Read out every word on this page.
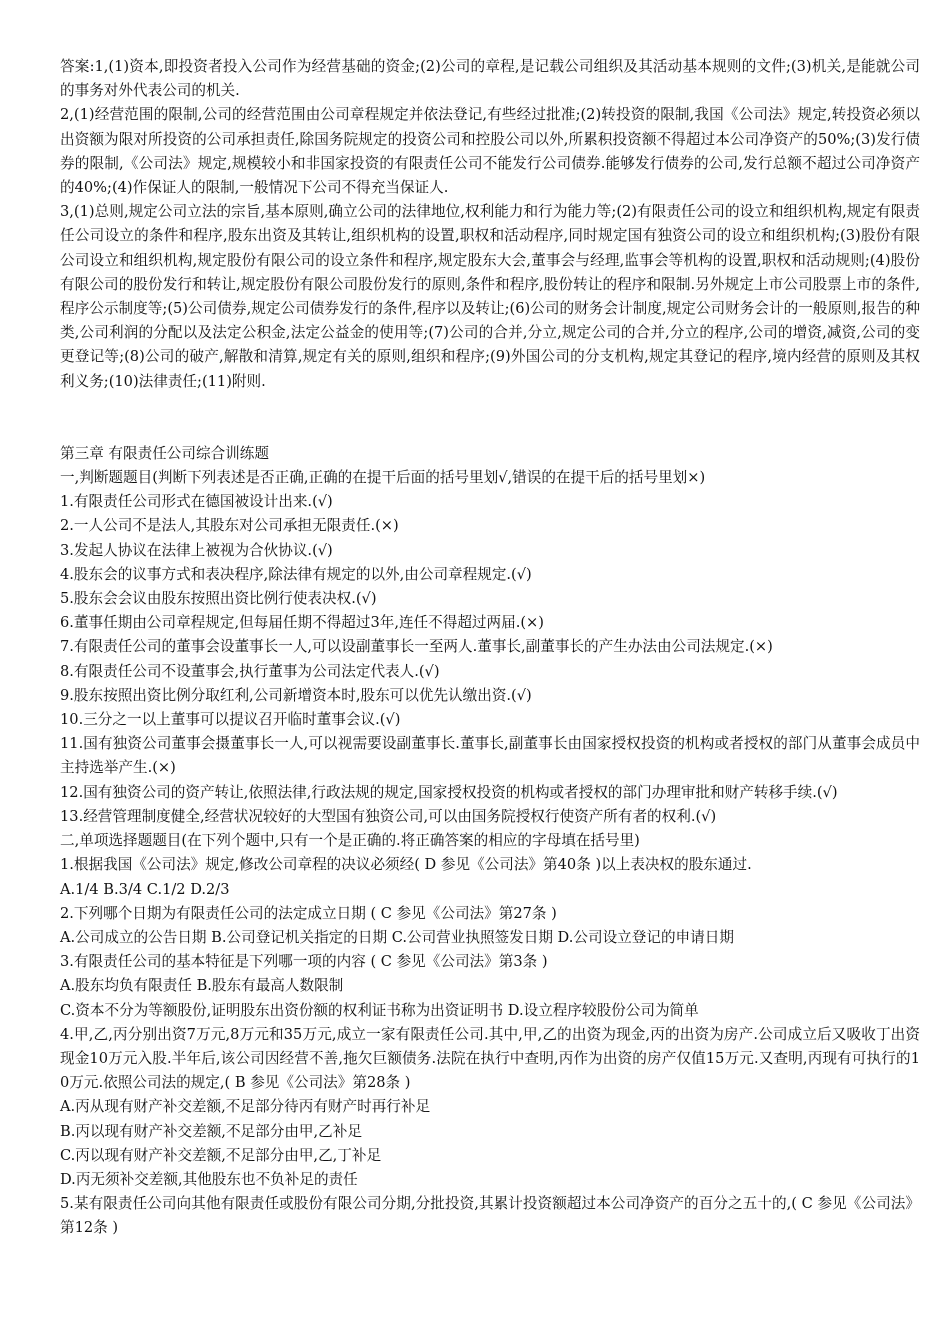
答案:1,(1)资本,即投资者投入公司作为经营基础的资金;(2)公司的章程,是记载公司组织及其活动基本规则的文件;(3)机关,是能就公司的事务对外代表公司的机关.

2,(1)经营范围的限制,公司的经营范围由公司章程规定并依法登记,有些经过批准;(2)转投资的限制,我国《公司法》规定,转投资必须以出资额为限对所投资的公司承担责任,除国务院规定的投资公司和控股公司以外,所累积投资额不得超过本公司净资产的50%;(3)发行债券的限制,《公司法》规定,规模较小和非国家投资的有限责任公司不能发行公司债券.能够发行债券的公司,发行总额不超过公司净资产的40%;(4)作保证人的限制,一般情况下公司不得充当保证人.

3,(1)总则,规定公司立法的宗旨,基本原则,确立公司的法律地位,权利能力和行为能力等;(2)有限责任公司的设立和组织机构,规定有限责任公司设立的条件和程序,股东出资及其转让,组织机构的设置,职权和活动程序,同时规定国有独资公司的设立和组织机构;(3)股份有限公司设立和组织机构,规定股份有限公司的设立条件和程序,规定股东大会,董事会与经理,监事会等机构的设置,职权和活动规则;(4)股份有限公司的股份发行和转让,规定股份有限公司股份发行的原则,条件和程序,股份转让的程序和限制.另外规定上市公司股票上市的条件,程序公示制度等;(5)公司债券,规定公司债券发行的条件,程序以及转让;(6)公司的财务会计制度,规定公司财务会计的一般原则,报告的种类,公司利润的分配以及法定公积金,法定公益金的使用等;(7)公司的合并,分立,规定公司的合并,分立的程序,公司的增资,减资,公司的变更登记等;(8)公司的破产,解散和清算,规定有关的原则,组织和程序;(9)外国公司的分支机构,规定其登记的程序,境内经营的原则及其权利义务;(10)法律责任;(11)附则.

第三章 有限责任公司综合训练题

一,判断题题目(判断下列表述是否正确,正确的在提干后面的括号里划√,错误的在提干后的括号里划×)

1.有限责任公司形式在德国被设计出来.(√)

2.一人公司不是法人,其股东对公司承担无限责任.(×)

3.发起人协议在法律上被视为合伙协议.(√)

4.股东会的议事方式和表决程序,除法律有规定的以外,由公司章程规定.(√)

5.股东会会议由股东按照出资比例行使表决权.(√)

6.董事任期由公司章程规定,但每届任期不得超过3年,连任不得超过两届.(×)

7.有限责任公司的董事会设董事长一人,可以设副董事长一至两人.董事长,副董事长的产生办法由公司法规定.(×)

8.有限责任公司不设董事会,执行董事为公司法定代表人.(√)

9.股东按照出资比例分取红利,公司新增资本时,股东可以优先认缴出资.(√)

10.三分之一以上董事可以提议召开临时董事会议.(√)

11.国有独资公司董事会摄董事长一人,可以视需要设副董事长.董事长,副董事长由国家授权投资的机构或者授权的部门从董事会成员中主持选举产生.(×)

12.国有独资公司的资产转让,依照法律,行政法规的规定,国家授权投资的机构或者授权的部门办理审批和财产转移手续.(√)

13.经营管理制度健全,经营状况较好的大型国有独资公司,可以由国务院授权行使资产所有者的权利.(√)

二,单项选择题题目(在下列个题中,只有一个是正确的.将正确答案的相应的字母填在括号里)

1.根据我国《公司法》规定,修改公司章程的决议必须经( D 参见《公司法》第40条 )以上表决权的股东通过.

A.1/4 B.3/4 C.1/2 D.2/3

2.下列哪个日期为有限责任公司的法定成立日期 ( C 参见《公司法》第27条 )

A.公司成立的公告日期 B.公司登记机关指定的日期 C.公司营业执照签发日期 D.公司设立登记的申请日期

3.有限责任公司的基本特征是下列哪一项的内容 ( C 参见《公司法》第3条 )

A.股东均负有限责任 B.股东有最高人数限制

C.资本不分为等额股份,证明股东出资份额的权利证书称为出资证明书 D.设立程序较股份公司为简单

4.甲,乙,丙分别出资7万元,8万元和35万元,成立一家有限责任公司.其中,甲,乙的出资为现金,丙的出资为房产.公司成立后又吸收丁出资现金10万元入股.半年后,该公司因经营不善,拖欠巨额债务.法院在执行中查明,丙作为出资的房产仅值15万元.又查明,丙现有可执行的10万元.依照公司法的规定,( B 参见《公司法》第28条 )

A.丙从现有财产补交差额,不足部分待丙有财产时再行补足

B.丙以现有财产补交差额,不足部分由甲,乙补足

C.丙以现有财产补交差额,不足部分由甲,乙,丁补足

D.丙无须补交差额,其他股东也不负补足的责任

5.某有限责任公司向其他有限责任或股份有限公司分期,分批投资,其累计投资额超过本公司净资产的百分之五十的,( C 参见《公司法》第12条 )
